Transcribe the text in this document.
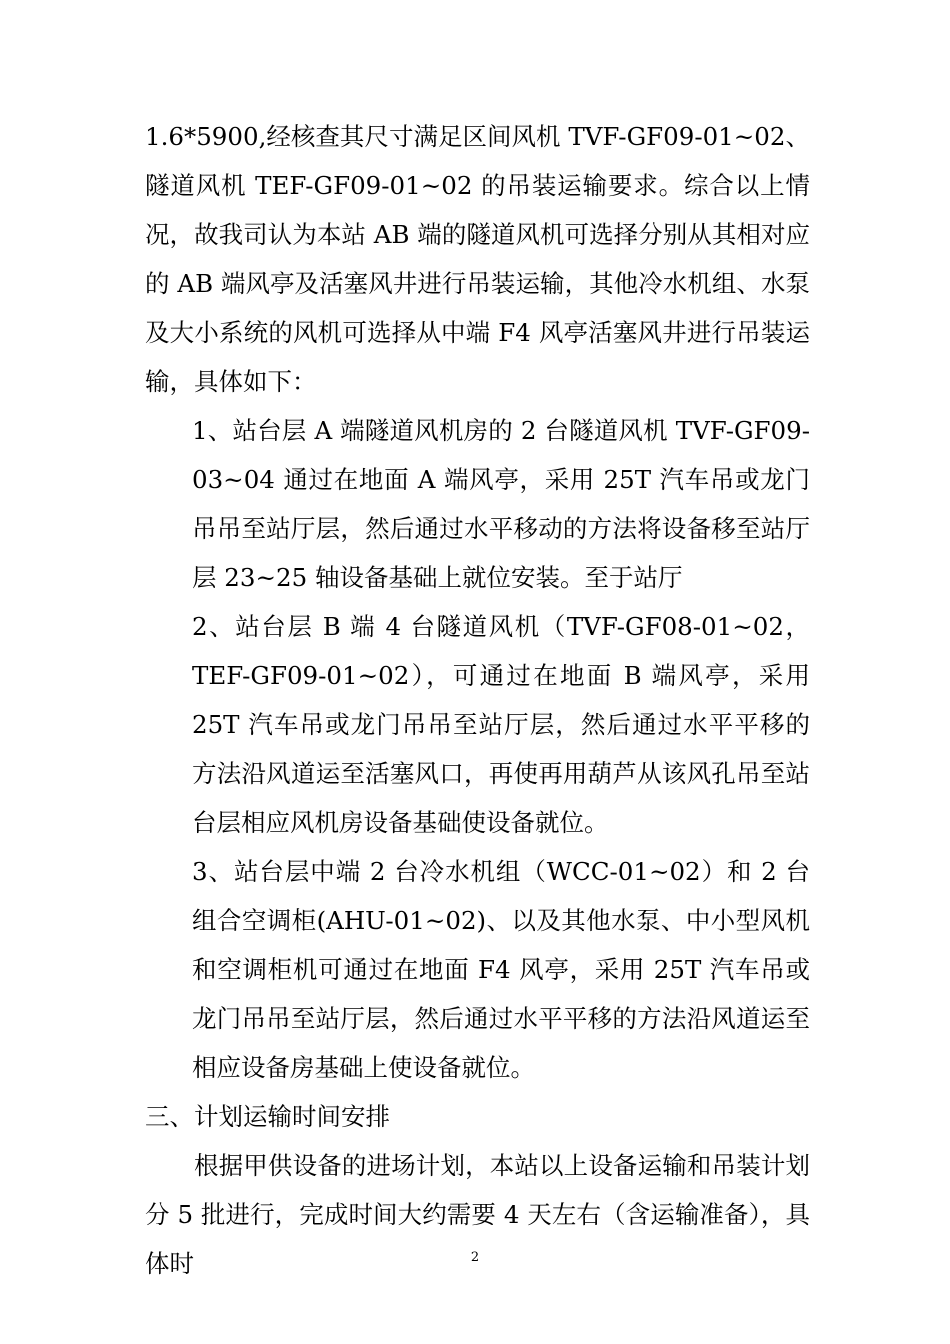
1.6*5900,经核查其尺寸满足区间风机 TVF-GF09-01~02、隧道风机 TEF-GF09-01~02 的吊装运输要求。综合以上情况，故我司认为本站 AB 端的隧道风机可选择分别从其相对应的 AB 端风亭及活塞风井进行吊装运输，其他冷水机组、水泵及大小系统的风机可选择从中端 F4 风亭活塞风井进行吊装运输，具体如下：

1、站台层 A 端隧道风机房的 2 台隧道风机 TVF-GF09-03~04 通过在地面 A 端风亭，采用 25T 汽车吊或龙门吊吊至站厅层，然后通过水平移动的方法将设备移至站厅层 23~25 轴设备基础上就位安装。至于站厅

2、站台层 B 端 4 台隧道风机（TVF-GF08-01~02，TEF-GF09-01~02），可通过在地面 B 端风亭，采用 25T 汽车吊或龙门吊吊至站厅层，然后通过水平平移的方法沿风道运至活塞风口，再使再用葫芦从该风孔吊至站台层相应风机房设备基础使设备就位。

3、站台层中端 2 台冷水机组（WCC-01~02）和 2 台组合空调柜(AHU-01~02)、以及其他水泵、中小型风机和空调柜机可通过在地面 F4 风亭，采用 25T 汽车吊或龙门吊吊至站厅层，然后通过水平平移的方法沿风道运至相应设备房基础上使设备就位。

三、计划运输时间安排

根据甲供设备的进场计划，本站以上设备运输和吊装计划分 5 批进行，完成时间大约需要 4 天左右（含运输准备），具体时	2
